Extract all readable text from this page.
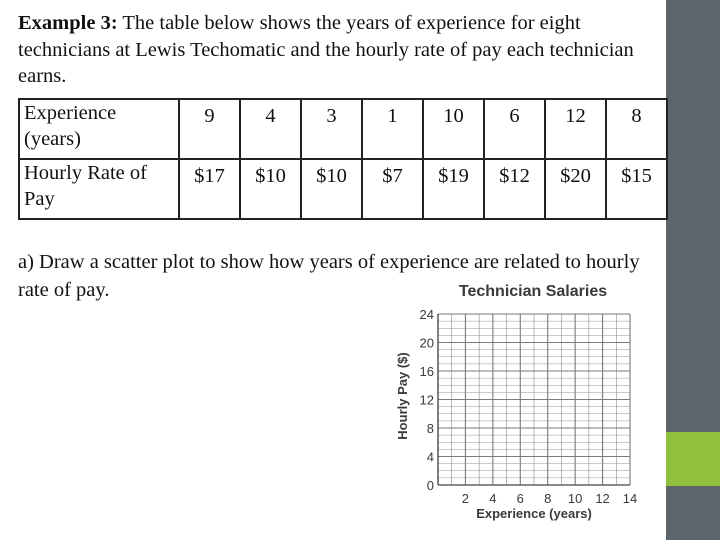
Example 3: The table below shows the years of experience for eight technicians at Lewis Techomatic and the hourly rate of pay each technician earns.
Experience (years)	9	4	3	1	10	6	12	8
Hourly Rate of Pay	$17	$10	$10	$7	$19	$12	$20	$15
a) Draw a scatter plot to show how years of experience are related to hourly rate of pay.	Technician Salaries
Hourly Pay ($)
Experience (years)
2 4 6 8 10 12 14
4
8
12
16
20
24
0
